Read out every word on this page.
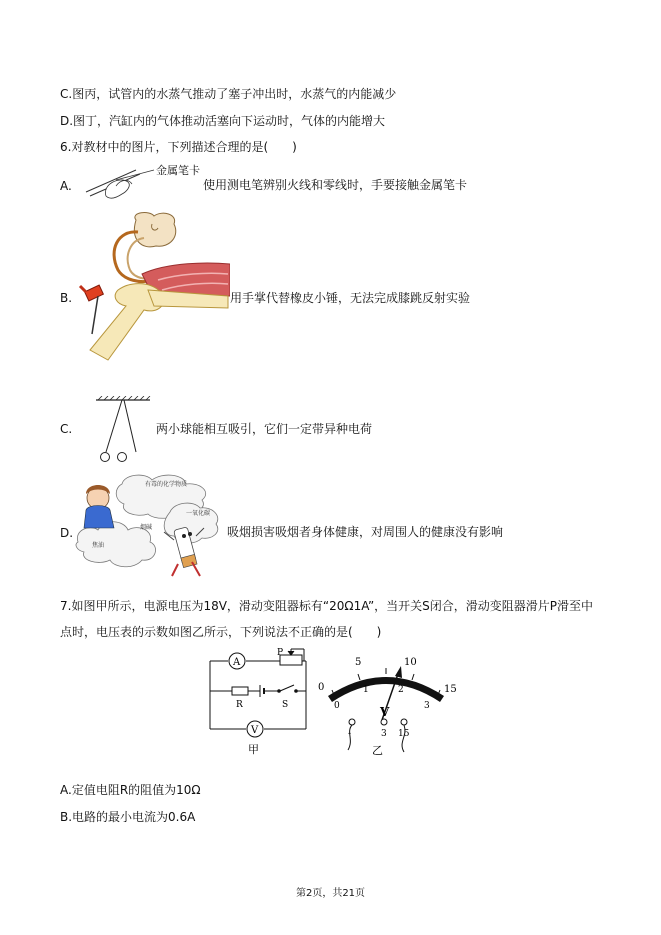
C.图丙，试管内的水蒸气推动了塞子冲出时，水蒸气的内能减少
D.图丁，汽缸内的气体推动活塞向下运动时，气体的内能增大
6.对教材中的图片，下列描述合理的是(　　)
A.
金属笔卡
使用测电笔辨别火线和零线时，手要接触金属笔卡
B.	用手掌代替橡皮小锤，无法完成膝跳反射实验
C.	两小球能相互吸引，它们一定带异种电荷
D.
有毒的化学物质
一氧化碳
焦油
烟碱	吸烟损害吸烟者身体健康，对周围人的健康没有影响
7.如图甲所示，电源电压为18V，滑动变阻器标有“20Ω1A”，当开关S闭合，滑动变阻器滑片P滑至中
点时，电压表的示数如图乙所示，下列说法不正确的是(　　)
A
P
R	S
V
甲
0
5	10
15
0
1	2
3
V
-	3 15
乙
A.定值电阻R的阻值为10Ω
B.电路的最小电流为0.6A
第2页，共21页
